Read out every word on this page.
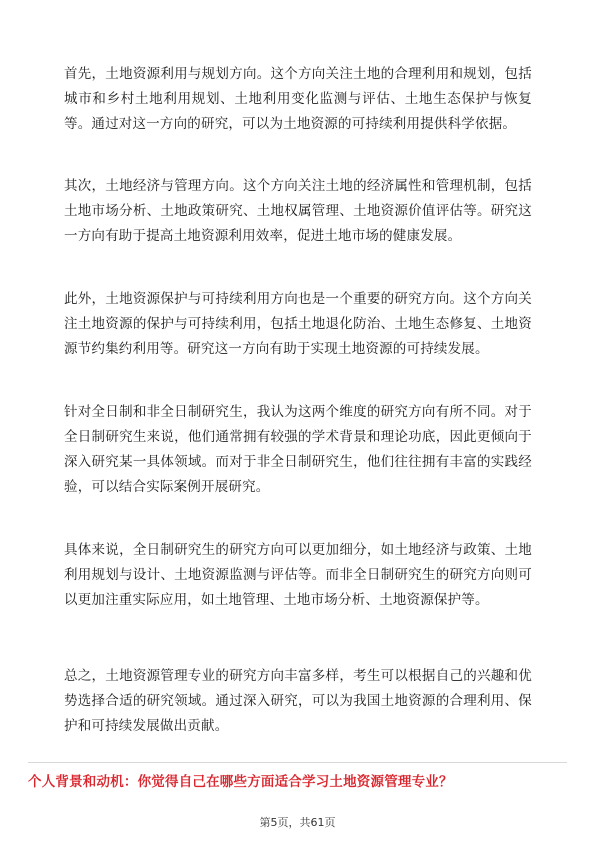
首先，土地资源利用与规划方向。这个方向关注土地的合理利用和规划，包括城市和乡村土地利用规划、土地利用变化监测与评估、土地生态保护与恢复等。通过对这一方向的研究，可以为土地资源的可持续利用提供科学依据。

其次，土地经济与管理方向。这个方向关注土地的经济属性和管理机制，包括土地市场分析、土地政策研究、土地权属管理、土地资源价值评估等。研究这一方向有助于提高土地资源利用效率，促进土地市场的健康发展。

此外，土地资源保护与可持续利用方向也是一个重要的研究方向。这个方向关注土地资源的保护与可持续利用，包括土地退化防治、土地生态修复、土地资源节约集约利用等。研究这一方向有助于实现土地资源的可持续发展。

针对全日制和非全日制研究生，我认为这两个维度的研究方向有所不同。对于全日制研究生来说，他们通常拥有较强的学术背景和理论功底，因此更倾向于深入研究某一具体领域。而对于非全日制研究生，他们往往拥有丰富的实践经验，可以结合实际案例开展研究。

具体来说，全日制研究生的研究方向可以更加细分，如土地经济与政策、土地利用规划与设计、土地资源监测与评估等。而非全日制研究生的研究方向则可以更加注重实际应用，如土地管理、土地市场分析、土地资源保护等。

总之，土地资源管理专业的研究方向丰富多样，考生可以根据自己的兴趣和优势选择合适的研究领域。通过深入研究，可以为我国土地资源的合理利用、保护和可持续发展做出贡献。

个人背景和动机：你觉得自己在哪些方面适合学习土地资源管理专业？

第5页，共61页
